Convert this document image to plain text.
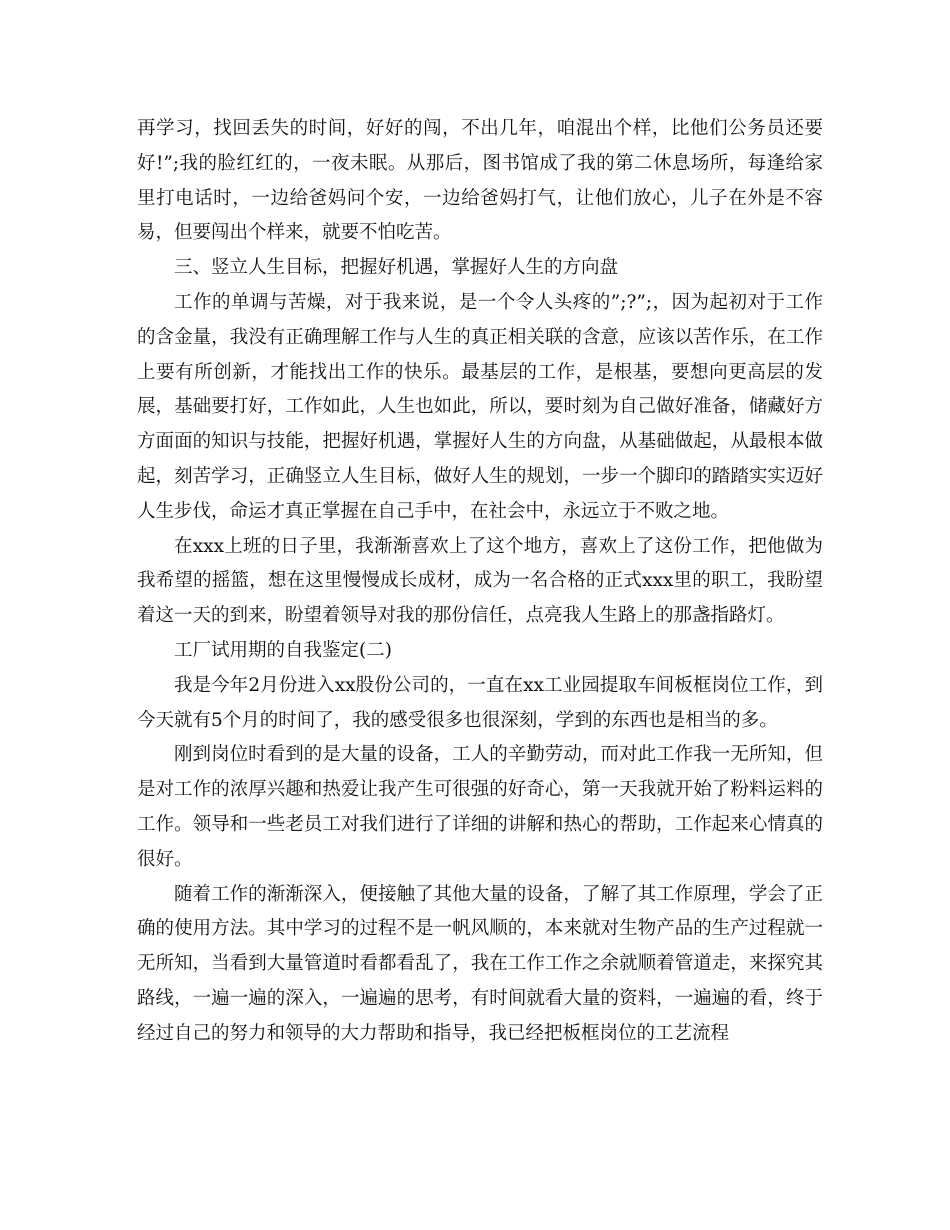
再学习，找回丢失的时间，好好的闯，不出几年，咱混出个样，比他们公务员还要好!”;我的脸红红的，一夜未眠。从那后，图书馆成了我的第二休息场所，每逢给家里打电话时，一边给爸妈问个安，一边给爸妈打气，让他们放心，儿子在外是不容易，但要闯出个样来，就要不怕吃苦。

三、竖立人生目标，把握好机遇，掌握好人生的方向盘

工作的单调与苦燥，对于我来说，是一个令人头疼的”;?”;，因为起初对于工作的含金量，我没有正确理解工作与人生的真正相关联的含意，应该以苦作乐，在工作上要有所创新，才能找出工作的快乐。最基层的工作，是根基，要想向更高层的发展，基础要打好，工作如此，人生也如此，所以，要时刻为自己做好准备，储藏好方方面面的知识与技能，把握好机遇，掌握好人生的方向盘，从基础做起，从最根本做起，刻苦学习，正确竖立人生目标，做好人生的规划，一步一个脚印的踏踏实实迈好人生步伐，命运才真正掌握在自己手中，在社会中，永远立于不败之地。

在xxx上班的日子里，我渐渐喜欢上了这个地方，喜欢上了这份工作，把他做为我希望的摇篮，想在这里慢慢成长成材，成为一名合格的正式xxx里的职工，我盼望着这一天的到来，盼望着领导对我的那份信任，点亮我人生路上的那盏指路灯。

工厂试用期的自我鉴定(二)

我是今年2月份进入xx股份公司的，一直在xx工业园提取车间板框岗位工作，到今天就有5个月的时间了，我的感受很多也很深刻，学到的东西也是相当的多。

刚到岗位时看到的是大量的设备，工人的辛勤劳动，而对此工作我一无所知，但是对工作的浓厚兴趣和热爱让我产生可很强的好奇心，第一天我就开始了粉料运料的工作。领导和一些老员工对我们进行了详细的讲解和热心的帮助，工作起来心情真的很好。

随着工作的渐渐深入，便接触了其他大量的设备，了解了其工作原理，学会了正确的使用方法。其中学习的过程不是一帆风顺的，本来就对生物产品的生产过程就一无所知，当看到大量管道时看都看乱了，我在工作工作之余就顺着管道走，来探究其路线，一遍一遍的深入，一遍遍的思考，有时间就看大量的资料，一遍遍的看，终于经过自己的努力和领导的大力帮助和指导，我已经把板框岗位的工艺流程
